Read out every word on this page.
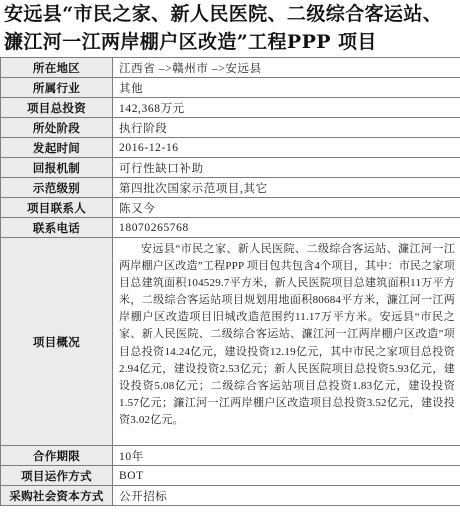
安远县“市民之家、新人民医院、二级综合客运站、濂江河一江两岸棚户区改造”工程PPP 项目
所在地区	江西省 –>赣州市 –>安远县
所属行业	其他
项目总投资	142,368万元
所处阶段	执行阶段
发起时间	2016-12-16
回报机制	可行性缺口补助
示范级别	第四批次国家示范项目,其它
项目联系人	陈又今
联系电话	18070265768
项目概况	安远县“市民之家、新人民医院、二级综合客运站、濂江河一江两岸棚户区改造”工程PPP 项目包共包含4个项目，其中：市民之家项目总建筑面积104529.7平方米，新人民医院项目总建筑面积11万平方米，二级综合客运站项目规划用地面积80684平方米，濂江河一江两岸棚户区改造项目旧城改造范围约11.17万平方米。安远县“市民之家、新人民医院、二级综合客运站、濂江河一江两岸棚户区改造”项目总投资14.24亿元，建设投资12.19亿元，其中市民之家项目总投资2.94亿元，建设投资2.53亿元；新人民医院项目总投资5.93亿元，建设投资5.08亿元；二级综合客运站项目总投资1.83亿元，建设投资1.57亿元；濂江河一江两岸棚户区改造项目总投资3.52亿元，建设投资3.02亿元。

合作期限	10年
项目运作方式	BOT
采购社会资本方式	公开招标
